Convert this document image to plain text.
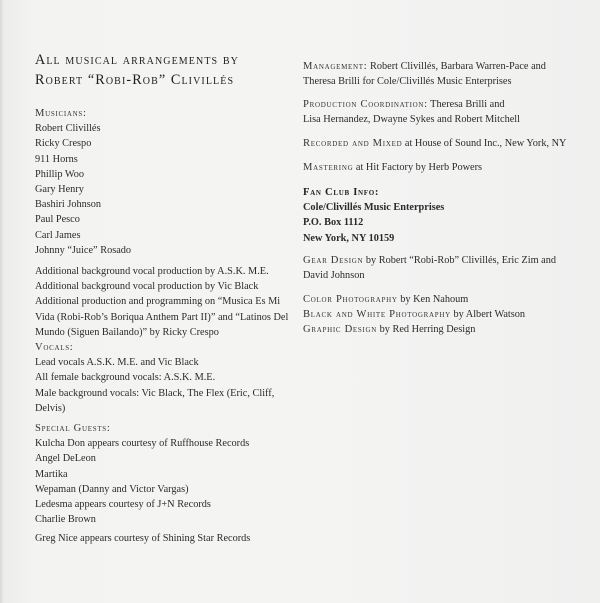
All musical arrangements by
Robert “Robi-Rob” Clivillés
Musicians:
Robert Clivillés
Ricky Crespo
911 Horns
Phillip Woo
Gary Henry
Bashiri Johnson
Paul Pesco
Carl James
Johnny “Juice” Rosado
Additional background vocal production by A.S.K. M.E.
Additional background vocal production by Vic Black
Additional production and programming on “Musica Es Mi
Vida (Robi-Rob’s Boriqua Anthem Part II)” and “Latinos Del
Mundo (Siguen Bailando)” by Ricky Crespo
Vocals:
Lead vocals A.S.K. M.E. and Vic Black
All female background vocals: A.S.K. M.E.
Male background vocals: Vic Black, The Flex (Eric, Cliff,
Delvis)
Special Guests:
Kulcha Don appears courtesy of Ruffhouse Records
Angel DeLeon
Martika
Wepaman (Danny and Victor Vargas)
Ledesma appears courtesy of J+N Records
Charlie Brown
Greg Nice appears courtesy of Shining Star Records
Management: Robert Clivillés, Barbara Warren-Pace and
Theresa Brilli for Cole/Clivillés Music Enterprises
Production Coordination: Theresa Brilli and
Lisa Hernandez, Dwayne Sykes and Robert Mitchell
Recorded and Mixed at House of Sound Inc., New York, NY
Mastering at Hit Factory by Herb Powers
Fan Club Info:
Cole/Clivillés Music Enterprises
P.O. Box 1112
New York, NY 10159
Gear Design by Robert “Robi-Rob” Clivillés, Eric Zim and
David Johnson
Color Photography by Ken Nahoum
Black and White Photography by Albert Watson
Graphic Design by Red Herring Design
